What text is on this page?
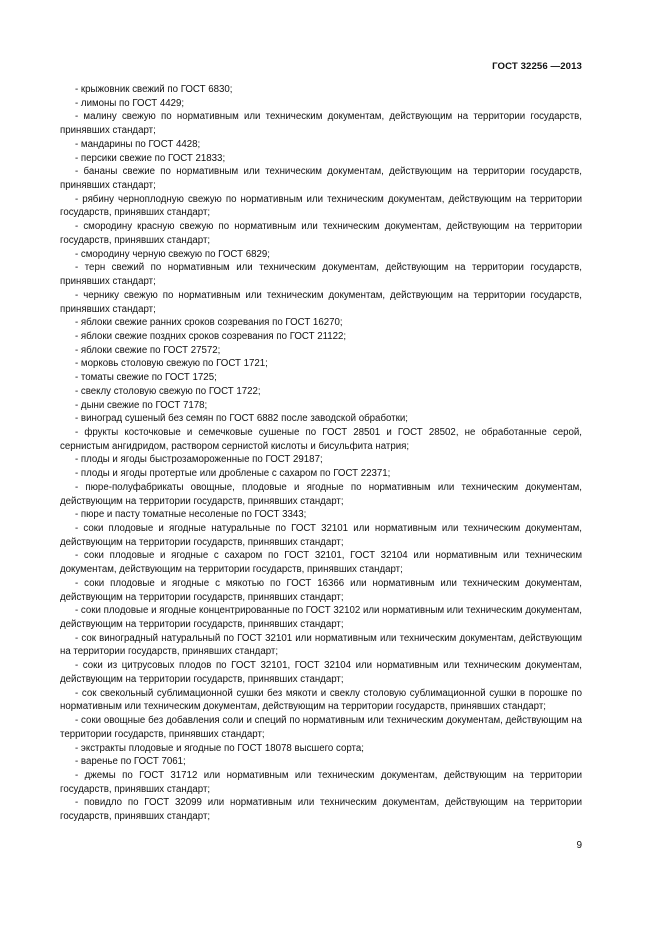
ГОСТ 32256 —2013

- крыжовник свежий по ГОСТ 6830;

- лимоны по ГОСТ 4429;

- малину свежую по нормативным или техническим документам, действующим на территории государств, принявших стандарт;

- мандарины по ГОСТ 4428;

- персики свежие по ГОСТ 21833;

- бананы свежие по нормативным или техническим документам, действующим на территории государств, принявших стандарт;

- рябину черноплодную свежую по нормативным или техническим документам, действующим на территории государств, принявших стандарт;

- смородину красную свежую по нормативным или техническим документам, действующим на территории государств, принявших стандарт;

- смородину черную свежую по ГОСТ 6829;

- терн свежий по нормативным или техническим документам, действующим на территории государств, принявших стандарт;

- чернику свежую по нормативным или техническим документам, действующим на территории государств, принявших стандарт;

- яблоки свежие ранних сроков созревания по ГОСТ 16270;

- яблоки свежие поздних сроков созревания по ГОСТ 21122;

- яблоки свежие по ГОСТ 27572;

- морковь столовую свежую по ГОСТ 1721;

- томаты свежие по ГОСТ 1725;

- свеклу столовую свежую по ГОСТ 1722;

- дыни свежие по ГОСТ 7178;

- виноград сушеный без семян по ГОСТ 6882 после заводской обработки;

- фрукты косточковые и семечковые сушеные по ГОСТ 28501 и ГОСТ 28502, не обработанные серой, сернистым ангидридом, раствором сернистой кислоты и бисульфита натрия;

- плоды и ягоды быстрозамороженные по ГОСТ 29187;

- плоды и ягоды протертые или дробленые с сахаром по ГОСТ 22371;

- пюре-полуфабрикаты овощные, плодовые и ягодные по нормативным или техническим документам, действующим на территории государств, принявших стандарт;

- пюре и пасту томатные несоленые по ГОСТ 3343;

- соки плодовые и ягодные натуральные по ГОСТ 32101 или нормативным или техническим документам, действующим на территории государств, принявших стандарт;

- соки плодовые и ягодные с сахаром по ГОСТ 32101, ГОСТ 32104 или нормативным или техническим документам, действующим на территории государств, принявших стандарт;

- соки плодовые и ягодные с мякотью по ГОСТ 16366 или нормативным или техническим документам, действующим на территории государств, принявших стандарт;

- соки плодовые и ягодные концентрированные по ГОСТ 32102 или нормативным или техническим документам, действующим на территории государств, принявших стандарт;

- сок виноградный натуральный по ГОСТ 32101 или нормативным или техническим документам, действующим на территории государств, принявших стандарт;

- соки из цитрусовых плодов по ГОСТ 32101, ГОСТ 32104 или нормативным или техническим документам, действующим на территории государств, принявших стандарт;

- сок свекольный сублимационной сушки без мякоти и свеклу столовую сублимационной сушки в порошке по нормативным или техническим документам, действующим на территории государств, принявших стандарт;

- соки овощные без добавления соли и специй по нормативным или техническим документам, действующим на территории государств, принявших стандарт;

- экстракты плодовые и ягодные по ГОСТ 18078 высшего сорта;

- варенье по ГОСТ 7061;

- джемы по ГОСТ 31712 или нормативным или техническим документам, действующим на территории государств, принявших стандарт;

- повидло по ГОСТ 32099 или нормативным или техническим документам, действующим на территории государств, принявших стандарт;

9
